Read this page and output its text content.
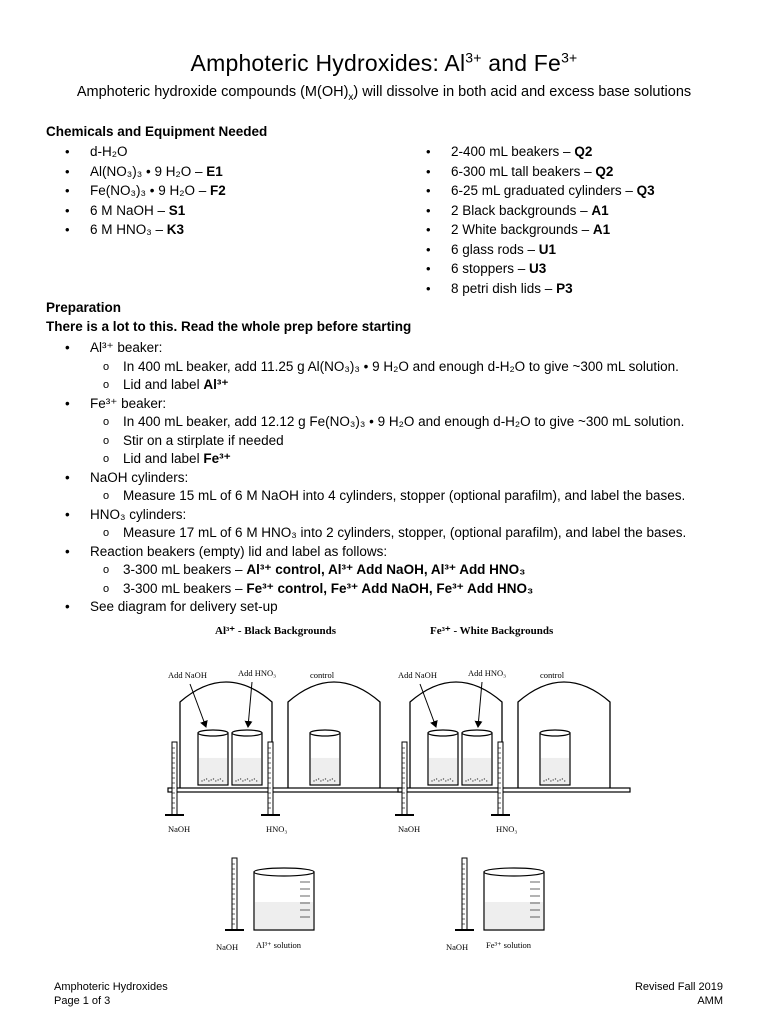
Amphoteric Hydroxides: $Al^{3+}$ and $Fe^{3+}$
Amphoteric hydroxide compounds $(M(OH)_x)$ will dissolve in both acid and excess base solutions
Chemicals and Equipment Needed
• d-H₂O
• Al(NO₃)₃ • 9 H₂O – E1
• Fe(NO₃)₃ • 9 H₂O – F2
• 6 M NaOH – S1
• 6 M HNO₃ – K3
• 2-400 mL beakers – Q2
• 6-300 mL tall beakers – Q2
• 6-25 mL graduated cylinders – Q3
• 2 Black backgrounds – A1
• 2 White backgrounds – A1
• 6 glass rods – U1
• 6 stoppers – U3
• 8 petri dish lids – P3
Preparation
There is a lot to this. Read the whole prep before starting
• Al³⁺ beaker:
o In 400 mL beaker, add 11.25 g Al(NO₃)₃ • 9 H₂O and enough d-H₂O to give ~300 mL solution.
o Lid and label Al³⁺
• Fe³⁺ beaker:
o In 400 mL beaker, add 12.12 g Fe(NO₃)₃ • 9 H₂O and enough d-H₂O to give ~300 mL solution.
o Stir on a stirplate if needed
o Lid and label Fe³⁺
• NaOH cylinders:
o Measure 15 mL of 6 M NaOH into 4 cylinders, stopper (optional parafilm), and label the bases.
• HNO₃ cylinders:
o Measure 17 mL of 6 M HNO₃ into 2 cylinders, stopper, (optional parafilm), and label the bases.
• Reaction beakers (empty) lid and label as follows:
o 3-300 mL beakers – Al³⁺ control, Al³⁺ Add NaOH, Al³⁺ Add HNO₃
o 3-300 mL beakers – Fe³⁺ control, Fe³⁺ Add NaOH, Fe³⁺ Add HNO₃
• See diagram for delivery set-up
Al³⁺ - Black Backgrounds	Fe³⁺ - White Backgrounds
Add NaOH	Add HNO₃	control
NaOH	HNO₃
Add NaOH	Add HNO₃	control
NaOH	HNO₃
NaOH Al³⁺ solution	NaOH Fe³⁺ solution
Amphoteric Hydroxides
Page 1 of 3
Revised Fall 2019
AMM
